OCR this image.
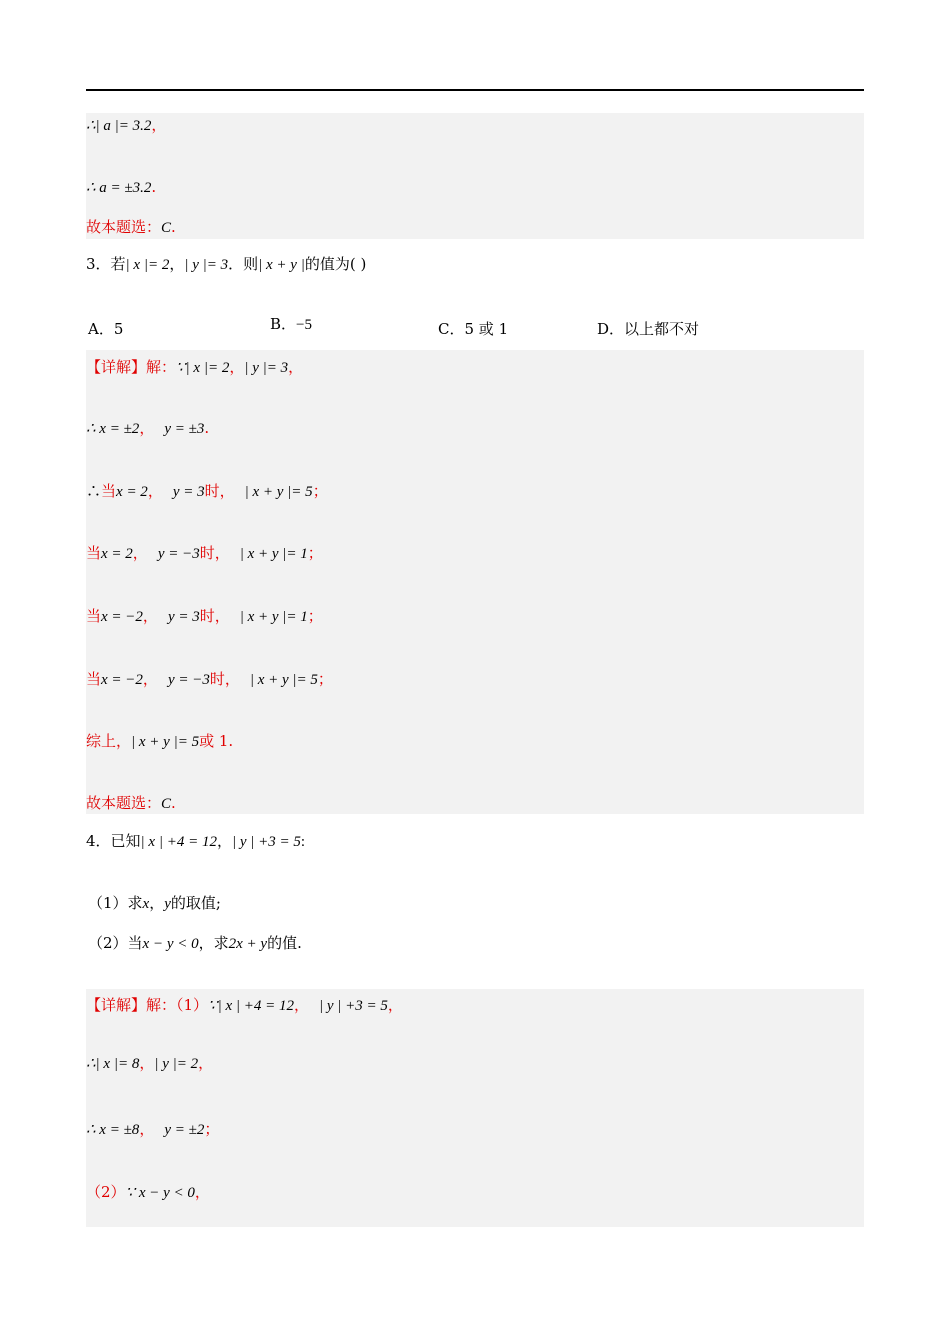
∴| a |= 3.2，
∴ a = ±3.2.
故本题选：C.
3．若| x |= 2，| y |= 3．则| x + y |的值为( )
A．5	B．−5	C．5 或 1	D．以上都不对
【详解】解：∵| x |= 2，| y |= 3，
∴ x = ±2， y = ±3.
∴当x = 2， y = 3时， | x + y |= 5；
当x = 2， y = −3时， | x + y |= 1；
当x = −2， y = 3时， | x + y |= 1；
当x = −2， y = −3时， | x + y |= 5；
综上，| x + y |= 5或 1.
故本题选：C.
4．已知| x | +4 = 12，| y | +3 = 5:
（1）求x，y的取值;
（2）当x − y < 0，求2x + y的值.
【详解】解：（1）∵| x | +4 = 12， | y | +3 = 5，
∴| x |= 8，| y |= 2，
∴ x = ±8， y = ±2；
（2）∵ x − y < 0，
